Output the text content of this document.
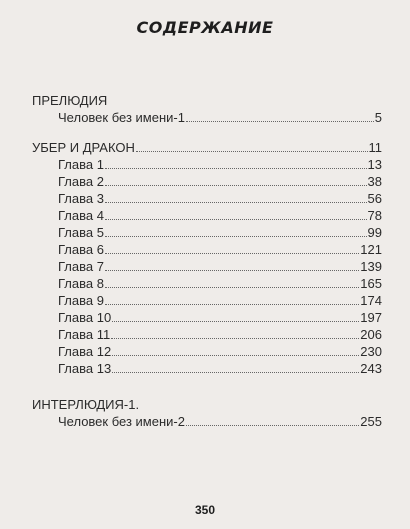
СОДЕРЖАНИЕ
ПРЕЛЮДИЯ
Человек без имени-1	5
УБЕР И ДРАКОН	11
Глава 1	13
Глава 2	38
Глава 3	56
Глава 4	78
Глава 5	99
Глава 6	121
Глава 7	139
Глава 8	165
Глава 9	174
Глава 10	197
Глава 11	206
Глава 12	230
Глава 13	243
ИНТЕРЛЮДИЯ-1.
Человек без имени-2	255
350
